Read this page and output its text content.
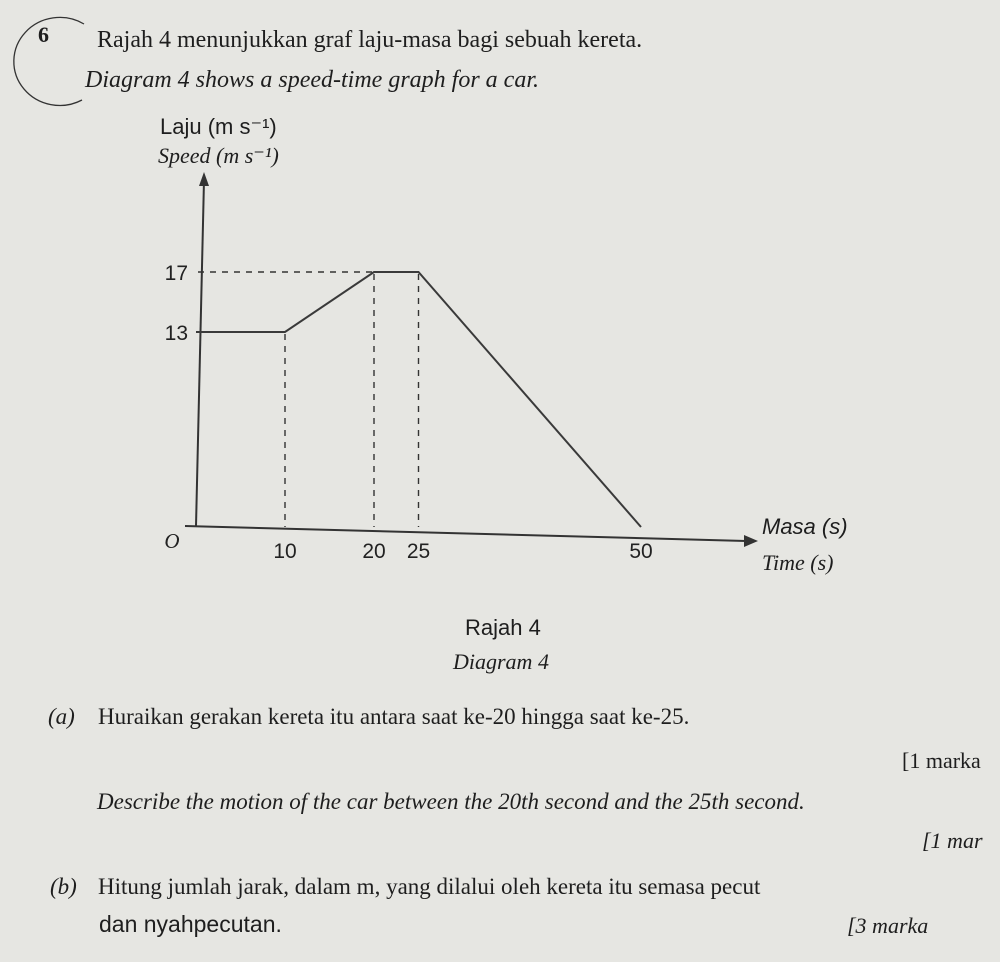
6 Rajah 4 menunjukkan graf laju-masa bagi sebuah kereta.
Diagram 4 shows a speed-time graph for a car.
Laju (m s⁻¹)
Speed (m s⁻¹)
O	10	20 25	50
13
17
Masa (s)
Time (s)
Rajah 4
Diagram 4
(a) Huraikan gerakan kereta itu antara saat ke-20 hingga saat ke-25.
[1 marka
Describe the motion of the car between the 20th second and the 25th second.
[1 mar
(b) Hitung jumlah jarak, dalam m, yang dilalui oleh kereta itu semasa pecut
dan nyahpecutan.	[3 marka
